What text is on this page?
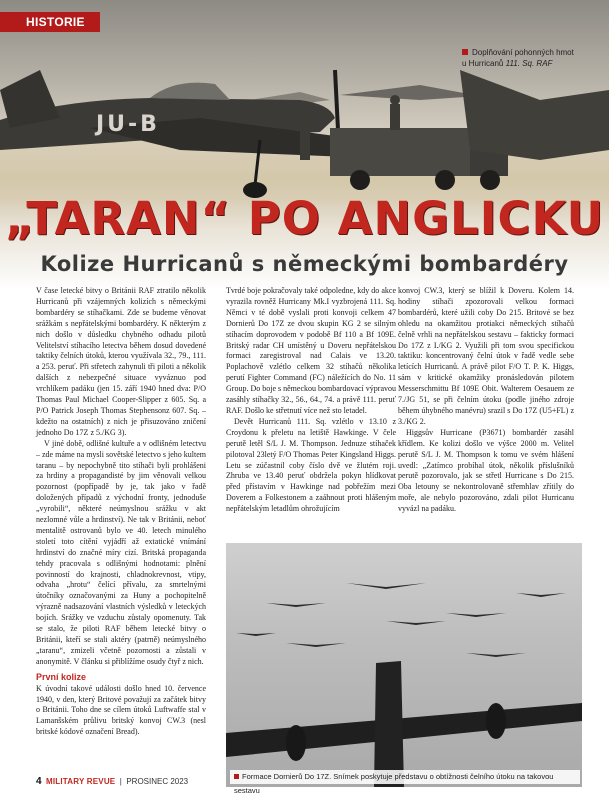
JU-B
HISTORIE
Doplňování pohonných hmot
u Hurricanů 111. Sq. RAF
„TARAN“ PO ANGLICKU
Kolize Hurricanů s německými bombardéry

V čase letecké bitvy o Británii RAF ztratilo několik Hurricanů při vzájemných kolizích s německými bombardéry se stíhačkami. Zde se budeme věnovat srážkám s nepřátelskými bombardéry. K některým z nich došlo v důsledku chybného odhadu pilotů Velitelství stíhacího letectva během dosud dovedené taktiky čelních útoků, kterou využívala 32., 79., 111. a 253. peruť. Při střetech zahynuli tři piloti a několik dalších z nebezpečné situace vyváznuo pod vrchlíkem padáku (jen 15. září 1940 hned dva: P/O Thomas Paul Michael Cooper-Slipper z 605. Sq. a P/O Patrick Joseph Thomas Stephensonz 607. Sq. – kdežto na ostatních) z nich je přisuzováno zničení jednoho Do 17Z z 5./KG 3).

V jiné době, odlišné kultuře a v odlišném letectvu – zde máme na mysli sovětské letectvo s jeho kultem taranu – by nepochybně tito stíhači byli prohlášeni za hrdiny a propagandisté by jim věnovali velkou pozornost (popřípadě by je, tak jako v řadě doložených případů z východní fronty, jednoduše „vyrobili“, některé neúmyslnou srážku v akt nezlomné vůle a hrdinství). Ne tak v Británii, neboť mentalitě ostrovanů bylo ve 40. letech minulého století toto cítění vyjádří až extatické vnímání hrdinství do značné míry cizí. Britská propaganda tehdy pracovala s odlišnými hodnotami: plnění povinností do krajnosti, chladnokrevnost, vtipy, odvaha „hrotu“ čelící přívalu, za smrtelnými útočníky označovanými za Huny a pochopitelně výrazně nadsazování vlastních výsledků v leteckých bojích. Srážky ve vzduchu zůstaly opomenuty. Tak se stalo, že piloti RAF během letecké bitvy o Británii, kteří se stali aktéry (patrně) neúmyslného „taranu“, zmizeli včetně pozornosti a zůstali v anonymitě. V článku si přiblížíme osudy čtyř z nich.

První kolize

K úvodní takové události došlo hned 10. července 1940, v den, který Britové považují za začátek bitvy o Británii. Toho dne se cílem útoků Luftwaffe stal v Lamanšském průlivu britský konvoj CW.3 (nesl britské kódové označení Bread).

Tvrdé boje pokračovaly také odpoledne, kdy do akce vyrazila rovněž Hurricany Mk.I vyzbrojená 111. Sq. Němci v té době vyslali proti konvoji celkem 47 Dornierů Do 17Z ze dvou skupin KG 2 se silným stíhacím doprovodem v podobě Bf 110 a Bf 109E. Britský radar CH umístěný u Doveru nepřátelskou formaci zaregistroval nad Calais ve 13.20. Poplachově vzlétlo celkem 32 stíhačů několika perutí Fighter Command (FC) náležících do No. 11 Group. Do boje s německou bombardovací výpravou zasáhly stíhačky 32., 56., 64., 74. a právě 111. peruť RAF. Došlo ke střetnutí více než sto letadel.

Devět Hurricanů 111. Sq. vzlétlo v 13.10 z Croydonu k přeletu na letiště Hawkinge. V čele perutě letěl S/L J. M. Thompson. Jednuze stíhaček pilotoval 23letý F/O Thomas Peter Kingsland Higgs. Letu se zúčastnil coby číslo dvě ve žlutém roji. Zhruba ve 13.40 peruť obdržela pokyn hlídkovat před přístavím v Hawkinge nad pobřežím mezi Doverem a Folkestonem a zaáhnout proti hlášeným nepřátelským letadlům ohrožujícím

konvoj CW.3, který se blížil k Doveru. Kolem 14. hodiny stíhači zpozorovali velkou formaci bombardérů, které užili coby Do 215. Britové se bez ohledu na okamžitou protiakci německých stíhačů čelně vrhli na nepřátelskou sestavu – fakticky formaci Do 17Z z I./KG 2. Využili při tom svou specifickou taktiku: koncentrovaný čelní útok v řadě vedle sebe letících Hurricanů. A právě pilot F/O T. P. K. Higgs, sám v kritické okamžiky pronásledován pilotem Messerschmittu Bf 109E Obit. Walterem Oesauem ze 7./JG 51, se při čelním útoku (podle jiného zdroje během úhybného manévru) srazil s Do 17Z (U5+FL) z 3./KG 2.

Higgsův Hurricane (P3671) bombardér zasáhl křídlem. Ke kolizi došlo ve výšce 2000 m. Velitel perutě S/L J. M. Thompson k tomu ve svém hlášení uvedl: „Zatímco probíhal útok, několik příslušníků perutě pozorovalo, jak se střetl Hurricane s Do 215. Oba letouny se nekontrolovaně střemhlav zřítily do moře, ale nebylo pozorováno, zdali pilot Hurricanu vyvázl na padáku.

Formace Dornierů Do 17Z. Snímek poskytuje představu o obtížnosti čelního útoku na takovou sestavu
4 MILITARY REVUE | PROSINEC 2023
